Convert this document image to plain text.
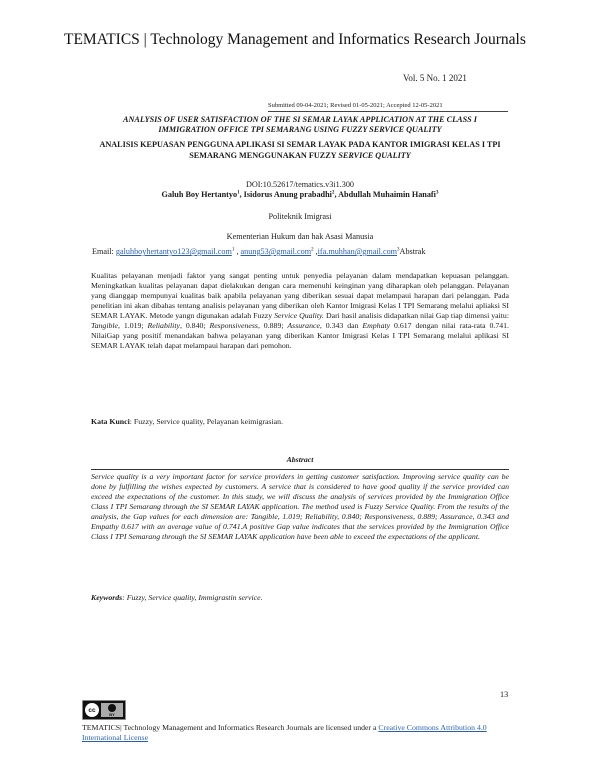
TEMATICS | Technology Management and Informatics Research Journals
Vol. 5 No. 1 2021
Submitted 09-04-2021; Revised 01-05-2021; Accepted 12-05-2021
ANALYSIS OF USER SATISFACTION OF THE SI SEMAR LAYAK APPLICATION AT THE CLASS I IMMIGRATION OFFICE TPI SEMARANG USING FUZZY SERVICE QUALITY
ANALISIS KEPUASAN PENGGUNA APLIKASI SI SEMAR LAYAK PADA KANTOR IMIGRASI KELAS I TPI SEMARANG MENGGUNAKAN FUZZY SERVICE QUALITY
DOI:10.52617/tematics.v3i1.300
Galuh Boy Hertantyo$^1$, Isidorus Anung prabadhi$^2$, Abdullah Muhaimin Hanafi$^3$
Politeknik Imigrasi
Kementerian Hukum dan hak Asasi Manusia
Email: galuhboyhertantyo123@gmail.com$^1$ , anung53@gmail.com$^2$ ,ifa.muhhan@gmail.com$^3$Abstrak
Kualitas pelayanan menjadi faktor yang sangat penting untuk penyedia pelayanan dalam mendapatkan kepuasan pelanggan. Meningkatkan kualitas pelayanan dapat dielakukan dengan cara memenuhi keinginan yang diharapkan oleh pelanggan. Pelayanan yang dianggap mempunyai kualitas baik apabila pelayanan yang diberikan sesuai dapat melampaui harapan dari pelanggan. Pada penelitian ini akan dibahas tentang analisis pelayanan yang diberikan oleh Kantor Imigrasi Kelas I TPI Semarang melalui apliaksi SI SEMAR LAYAK. Metode yangn digunakan adalah Fuzzy Service Quality. Dari hasil analisis didapatkan nilai Gap tiap dimensi yaitu: Tangible, 1.019; Reliability, 0.840; Responsiveness, 0.889; Assurance, 0.343 dan Emphaty 0.617 dengan nilai rata-rata 0.741. NilaiGap yang positif menandakan bahwa pelayanan yang diberikan Kantor Imigrasi Kelas I TPI Semarang melalui aplikasi SI SEMAR LAYAK telah dapat melampaui harapan dari pemohon.
Kata Kunci: Fuzzy, Service quality, Pelayanan keimigrasian.
Abstract
Service quality is a very important factor for service providers in getting customer satisfaction. Improving service quality can be done by fulfilling the wishes expected by customers. A service that is considered to have good quality if the service provided can exceed the expectations of the customer. In this study, we will discuss the analysis of services provided by the Immigration Office Class I TPI Semarang through the SI SEMAR LAYAK application. The method used is Fuzzy Service Quality. From the results of the analysis, the Gap values for each dimension are: Tangible, 1.019; Reliability, 0.840; Responsiveness, 0.889; Assurance, 0.343 and Empathy 0.617 with an average value of 0.741.A positive Gap value indicates that the services provided by the Immigration Office Class I TPI Semarang through the SI SEMAR LAYAK application have been able to exceed the expectations of the applicant.
Keywords: Fuzzy, Service quality, Immigrastin service.
13
cc
BY
TEMATICS| Technology Management and Informatics Research Journals are licensed under a Creative Commons Attribution 4.0 International License
